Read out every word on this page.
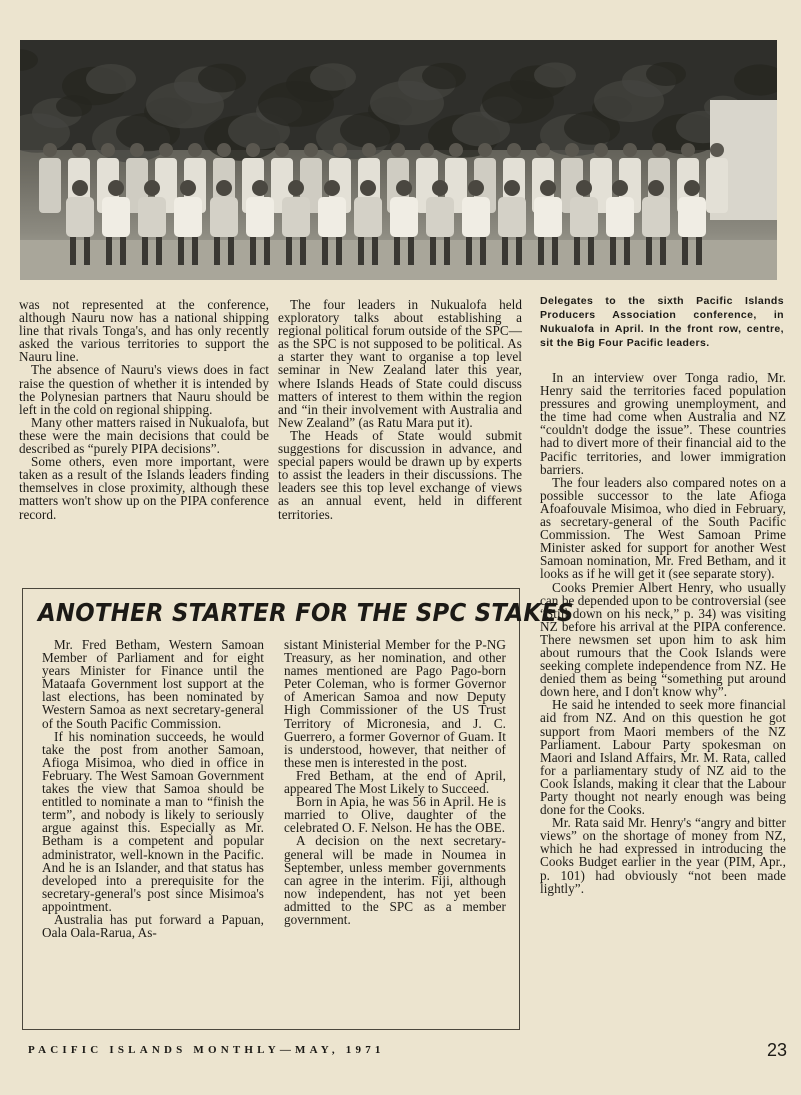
was not represented at the conference, although Nauru now has a national shipping line that rivals Tonga's, and has only recently asked the various territories to support the Nauru line.

The absence of Nauru's views does in fact raise the question of whether it is intended by the Polynesian partners that Nauru should be left in the cold on regional shipping.

Many other matters raised in Nukualofa, but these were the main decisions that could be described as “purely PIPA decisions”.

Some others, even more important, were taken as a result of the Islands leaders finding themselves in close proximity, although these matters won't show up on the PIPA conference record.

The four leaders in Nukualofa held exploratory talks about establishing a regional political forum outside of the SPC—as the SPC is not supposed to be political. As a starter they want to organise a top level seminar in New Zealand later this year, where Islands Heads of State could discuss matters of interest to them within the region and “in their involvement with Australia and New Zealand” (as Ratu Mara put it).

The Heads of State would submit suggestions for discussion in advance, and special papers would be drawn up by experts to assist the leaders in their discussions. The leaders see this top level exchange of views as an annual event, held in different territories.

Delegates to the sixth Pacific Islands Producers Association conference, in Nukualofa in April. In the front row, centre, sit the Big Four Pacific leaders.

In an interview over Tonga radio, Mr. Henry said the territories faced population pressures and growing unemployment, and the time had come when Australia and NZ “couldn't dodge the issue”. These countries had to divert more of their financial aid to the Pacific territories, and lower immigration barriers.

The four leaders also compared notes on a possible successor to the late Afioga Afoafouvale Misimoa, who died in February, as secretary-general of the South Pacific Commission. The West Samoan Prime Minister asked for support for another West Samoan nomination, Mr. Fred Betham, and it looks as if he will get it (see separate story).

Cooks Premier Albert Henry, who usually can be depended upon to be controversial (see “Still down on his neck,” p. 34) was visiting NZ before his arrival at the PIPA conference. There newsmen set upon him to ask him about rumours that the Cook Islands were seeking complete independence from NZ. He denied them as being “something put around down here, and I don't know why”.

He said he intended to seek more financial aid from NZ. And on this question he got support from Maori members of the NZ Parliament. Labour Party spokesman on Maori and Island Affairs, Mr. M. Rata, called for a parliamentary study of NZ aid to the Cook Islands, making it clear that the Labour Party thought not nearly enough was being done for the Cooks.

Mr. Rata said Mr. Henry's “angry and bitter views” on the shortage of money from NZ, which he had expressed in introducing the Cooks Budget earlier in the year (PIM, Apr., p. 101) had obviously “not been made lightly”.

ANOTHER STARTER FOR THE SPC STAKES

Mr. Fred Betham, Western Samoan Member of Parliament and for eight years Minister for Finance until the Mataafa Government lost support at the last elections, has been nominated by Western Samoa as next secretary-general of the South Pacific Commission.

If his nomination succeeds, he would take the post from another Samoan, Afioga Misimoa, who died in office in February. The West Samoan Government takes the view that Samoa should be entitled to nominate a man to “finish the term”, and nobody is likely to seriously argue against this. Especially as Mr. Betham is a competent and popular administrator, well-known in the Pacific. And he is an Islander, and that status has developed into a prerequisite for the secretary-general's post since Misimoa's appointment.

Australia has put forward a Papuan, Oala Oala-Rarua, As-

sistant Ministerial Member for the P-NG Treasury, as her nomination, and other names mentioned are Pago Pago-born Peter Coleman, who is former Governor of American Samoa and now Deputy High Commissioner of the US Trust Territory of Micronesia, and J. C. Guerrero, a former Governor of Guam. It is understood, however, that neither of these men is interested in the post.

Fred Betham, at the end of April, appeared The Most Likely to Succeed.

Born in Apia, he was 56 in April. He is married to Olive, daughter of the celebrated O. F. Nelson. He has the OBE.

A decision on the next secretary-general will be made in Noumea in September, unless member governments can agree in the interim. Fiji, although now independent, has not yet been admitted to the SPC as a member government.

PACIFIC ISLANDS MONTHLY—MAY, 1971	23
